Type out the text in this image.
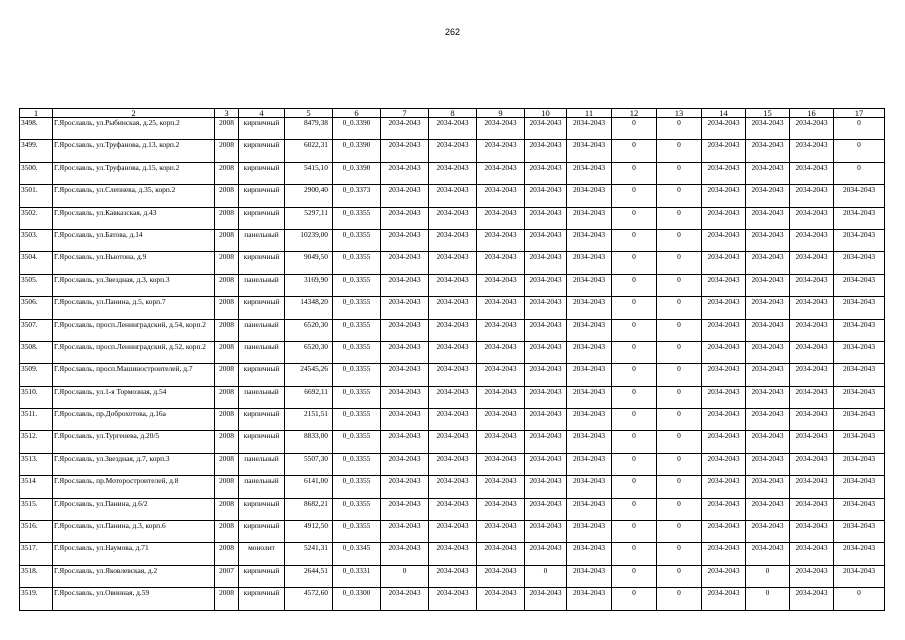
262
1	2	3	4	5	6	7	8	9	10	11	12	13	14	15	16	17
3498.	Г.Ярославль, ул.Рыбинская, д.25, корп.2	2008	кирпичный	8479,38	0_0.3390	2034-2043	2034-2043	2034-2043	2034-2043	2034-2043	0	0	2034-2043	2034-2043	2034-2043	0
3499.	Г.Ярославль, ул.Труфанова, д.13, корп.2	2008	кирпичный	6022,31	0_0.3390	2034-2043	2034-2043	2034-2043	2034-2043	2034-2043	0	0	2034-2043	2034-2043	2034-2043	0
3500.	Г.Ярославль, ул.Труфанова, д.15, корп.2	2008	кирпичный	5415,10	0_0.3390	2034-2043	2034-2043	2034-2043	2034-2043	2034-2043	0	0	2034-2043	2034-2043	2034-2043	0
3501.	Г.Ярославль, ул.Слепнева, д.35, корп.2	2008	кирпичный	2900,40	0_0.3373	2034-2043	2034-2043	2034-2043	2034-2043	2034-2043	0	0	2034-2043	2034-2043	2034-2043	2034-2043
3502.	Г.Ярославль, ул.Кавказская, д.43	2008	кирпичный	5297,11	0_0.3355	2034-2043	2034-2043	2034-2043	2034-2043	2034-2043	0	0	2034-2043	2034-2043	2034-2043	2034-2043
3503.	Г.Ярославль, ул.Батова, д.14	2008	панельный	10239,00	0_0.3355	2034-2043	2034-2043	2034-2043	2034-2043	2034-2043	0	0	2034-2043	2034-2043	2034-2043	2034-2043
3504.	Г.Ярославль, ул.Ньютона, д.9	2008	кирпичный	9049,50	0_0.3355	2034-2043	2034-2043	2034-2043	2034-2043	2034-2043	0	0	2034-2043	2034-2043	2034-2043	2034-2043
3505.	Г.Ярославль, ул.Звездная, д.3, корп.3	2008	панельный	3169,90	0_0.3355	2034-2043	2034-2043	2034-2043	2034-2043	2034-2043	0	0	2034-2043	2034-2043	2034-2043	2034-2043
3506.	Г.Ярославль, ул.Панина, д.5, корп.7	2008	кирпичный	14348,20	0_0.3355	2034-2043	2034-2043	2034-2043	2034-2043	2034-2043	0	0	2034-2043	2034-2043	2034-2043	2034-2043
3507.	Г.Ярославль, просп.Ленинградский, д.54, корп.2	2008	панельный	6520,30	0_0.3355	2034-2043	2034-2043	2034-2043	2034-2043	2034-2043	0	0	2034-2043	2034-2043	2034-2043	2034-2043
3508.	Г.Ярославль, просп.Ленинградский, д.52, корп.2	2008	панельный	6520,30	0_0.3355	2034-2043	2034-2043	2034-2043	2034-2043	2034-2043	0	0	2034-2043	2034-2043	2034-2043	2034-2043
3509.	Г.Ярославль, просп.Машиностроителей, д.7	2008	кирпичный	24545,26	0_0.3355	2034-2043	2034-2043	2034-2043	2034-2043	2034-2043	0	0	2034-2043	2034-2043	2034-2043	2034-2043
3510.	Г.Ярославль, ул.1-я Тормозная, д.54	2008	панельный	6692,11	0_0.3355	2034-2043	2034-2043	2034-2043	2034-2043	2034-2043	0	0	2034-2043	2034-2043	2034-2043	2034-2043
3511.	Г.Ярославль, пр.Доброхотова, д.16а	2008	кирпичный	2151,51	0_0.3355	2034-2043	2034-2043	2034-2043	2034-2043	2034-2043	0	0	2034-2043	2034-2043	2034-2043	2034-2043
3512.	Г.Ярославль, ул.Тургенева, д.20/5	2008	кирпичный	8833,00	0_0.3355	2034-2043	2034-2043	2034-2043	2034-2043	2034-2043	0	0	2034-2043	2034-2043	2034-2043	2034-2043
3513.	Г.Ярославль, ул.Звездная, д.7, корп.3	2008	панельный	5507,30	0_0.3355	2034-2043	2034-2043	2034-2043	2034-2043	2034-2043	0	0	2034-2043	2034-2043	2034-2043	2034-2043
3514	Г.Ярославль, пр.Моторостроителей, д.8	2008	панельный	6141,00	0_0.3355	2034-2043	2034-2043	2034-2043	2034-2043	2034-2043	0	0	2034-2043	2034-2043	2034-2043	2034-2043
3515.	Г.Ярославль, ул.Панина, д.6/2	2008	кирпичный	8682,21	0_0.3355	2034-2043	2034-2043	2034-2043	2034-2043	2034-2043	0	0	2034-2043	2034-2043	2034-2043	2034-2043
3516.	Г.Ярославль, ул.Панина, д.3, корп.6	2008	кирпичный	4912,50	0_0.3355	2034-2043	2034-2043	2034-2043	2034-2043	2034-2043	0	0	2034-2043	2034-2043	2034-2043	2034-2043
3517.	Г.Ярославль, ул.Наумова, д.71	2008	монолит	5241,31	0_0.3345	2034-2043	2034-2043	2034-2043	2034-2043	2034-2043	0	0	2034-2043	2034-2043	2034-2043	2034-2043
3518.	Г.Ярославль, ул.Яковлевская, д.2	2007	кирпичный	2644,51	0_0.3331	0	2034-2043	2034-2043	0	2034-2043	0	0	2034-2043	0	2034-2043	2034-2043
3519.	Г.Ярославль, ул.Овинная, д.59	2008	кирпичный	4572,60	0_0.3300	2034-2043	2034-2043	2034-2043	2034-2043	2034-2043	0	0	2034-2043	0	2034-2043	0
